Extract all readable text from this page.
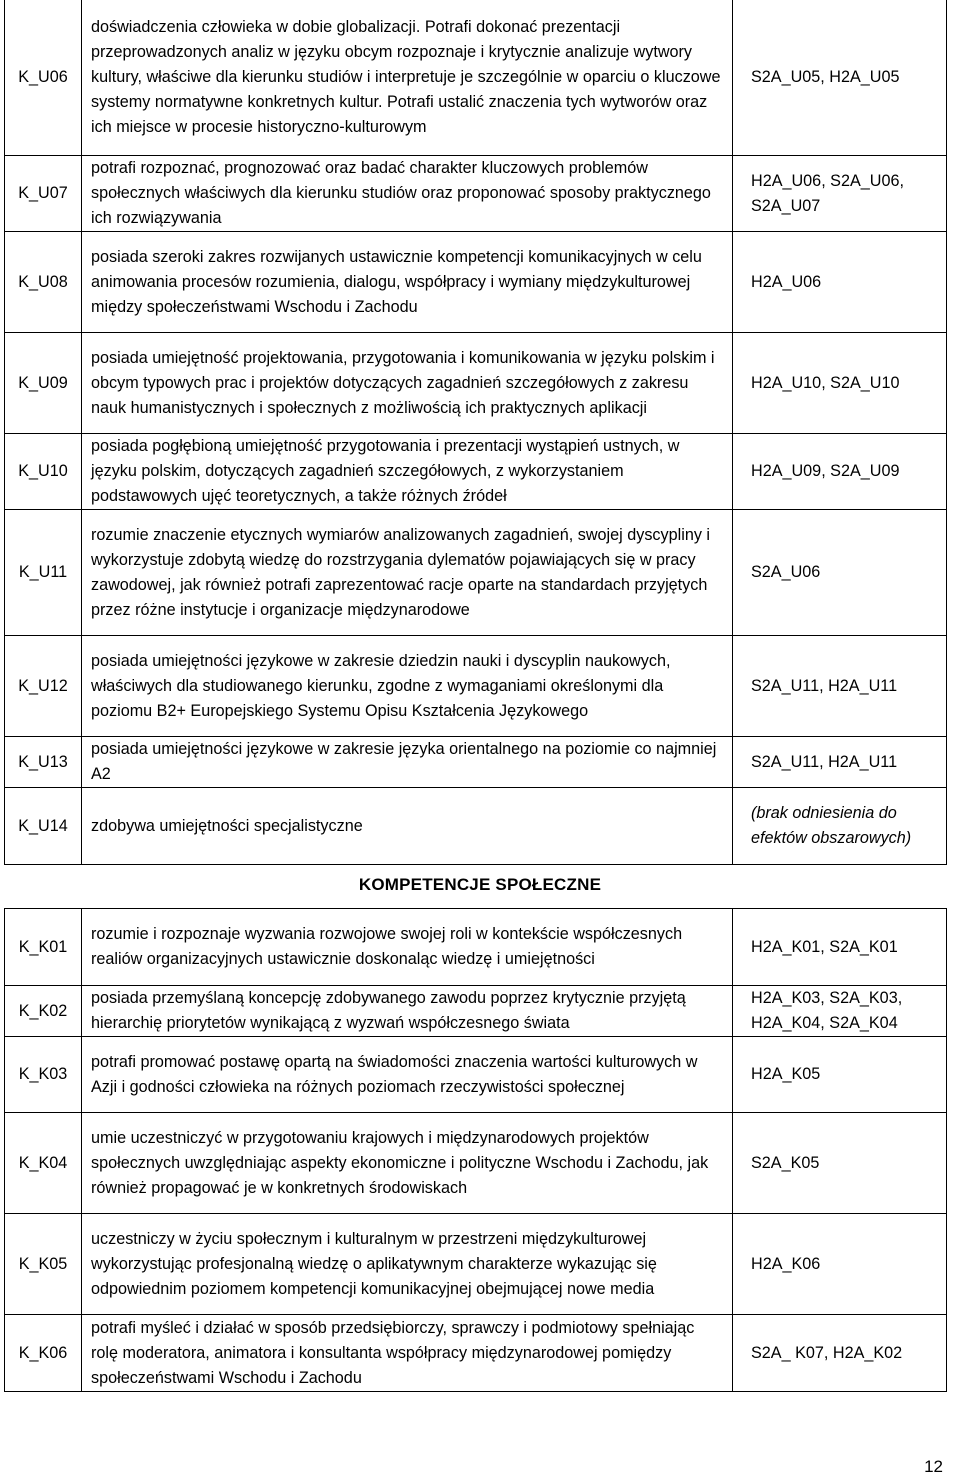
K_U06	doświadczenia człowieka w dobie globalizacji. Potrafi dokonać prezentacji przeprowadzonych analiz w języku obcym rozpoznaje i krytycznie analizuje wytwory kultury, właściwe dla kierunku studiów i interpretuje je szczególnie w oparciu o kluczowe systemy normatywne konkretnych kultur. Potrafi ustalić znaczenia tych wytworów oraz ich miejsce w procesie historyczno-kulturowym	S2A_U05, H2A_U05
K_U07	potrafi rozpoznać, prognozować oraz badać charakter kluczowych problemów społecznych właściwych dla kierunku studiów oraz proponować sposoby praktycznego ich rozwiązywania	H2A_U06, S2A_U06, S2A_U07
K_U08	posiada szeroki zakres rozwijanych ustawicznie kompetencji komunikacyjnych w celu animowania procesów rozumienia, dialogu, współpracy i wymiany międzykulturowej między społeczeństwami Wschodu i Zachodu	H2A_U06
K_U09	posiada umiejętność projektowania, przygotowania i komunikowania w języku polskim i obcym typowych prac i projektów dotyczących zagadnień szczegółowych z zakresu nauk humanistycznych i społecznych z możliwością ich praktycznych aplikacji	H2A_U10, S2A_U10
K_U10	posiada pogłębioną umiejętność przygotowania i prezentacji wystąpień ustnych, w języku polskim, dotyczących zagadnień szczegółowych, z wykorzystaniem podstawowych ujęć teoretycznych, a także różnych źródeł	H2A_U09, S2A_U09
K_U11	rozumie znaczenie etycznych wymiarów analizowanych zagadnień, swojej dyscypliny i wykorzystuje zdobytą wiedzę do rozstrzygania dylematów pojawiających się w pracy zawodowej, jak również potrafi zaprezentować racje oparte na standardach przyjętych przez różne instytucje i organizacje międzynarodowe	S2A_U06
K_U12	posiada umiejętności językowe w zakresie dziedzin nauki i dyscyplin naukowych, właściwych dla studiowanego kierunku, zgodne z wymaganiami określonymi dla poziomu B2+ Europejskiego Systemu Opisu Kształcenia Językowego	S2A_U11, H2A_U11
K_U13	posiada umiejętności językowe w zakresie języka orientalnego na poziomie co najmniej A2	S2A_U11, H2A_U11
K_U14	zdobywa umiejętności specjalistyczne	(brak odniesienia do efektów obszarowych)
KOMPETENCJE SPOŁECZNE
K_K01	rozumie i rozpoznaje wyzwania rozwojowe swojej roli w kontekście współczesnych realiów organizacyjnych ustawicznie doskonaląc wiedzę i umiejętności	H2A_K01, S2A_K01
K_K02	posiada przemyślaną koncepcję zdobywanego zawodu poprzez krytycznie przyjętą hierarchię priorytetów wynikającą z wyzwań współczesnego świata	H2A_K03, S2A_K03, H2A_K04, S2A_K04
K_K03	potrafi promować postawę opartą na świadomości znaczenia wartości kulturowych w Azji i godności człowieka na różnych poziomach rzeczywistości społecznej	H2A_K05
K_K04	umie uczestniczyć w przygotowaniu krajowych i międzynarodowych projektów społecznych uwzględniając aspekty ekonomiczne i polityczne Wschodu i Zachodu, jak również propagować je w konkretnych środowiskach	S2A_K05
K_K05	uczestniczy w życiu społecznym i kulturalnym w przestrzeni międzykulturowej wykorzystując profesjonalną wiedzę o aplikatywnym charakterze wykazując się odpowiednim poziomem kompetencji komunikacyjnej obejmującej nowe media	H2A_K06
K_K06	potrafi myśleć i działać w sposób przedsiębiorczy, sprawczy i podmiotowy spełniając rolę moderatora, animatora i konsultanta współpracy międzynarodowej pomiędzy społeczeństwami Wschodu i Zachodu	S2A_ K07, H2A_K02
12
